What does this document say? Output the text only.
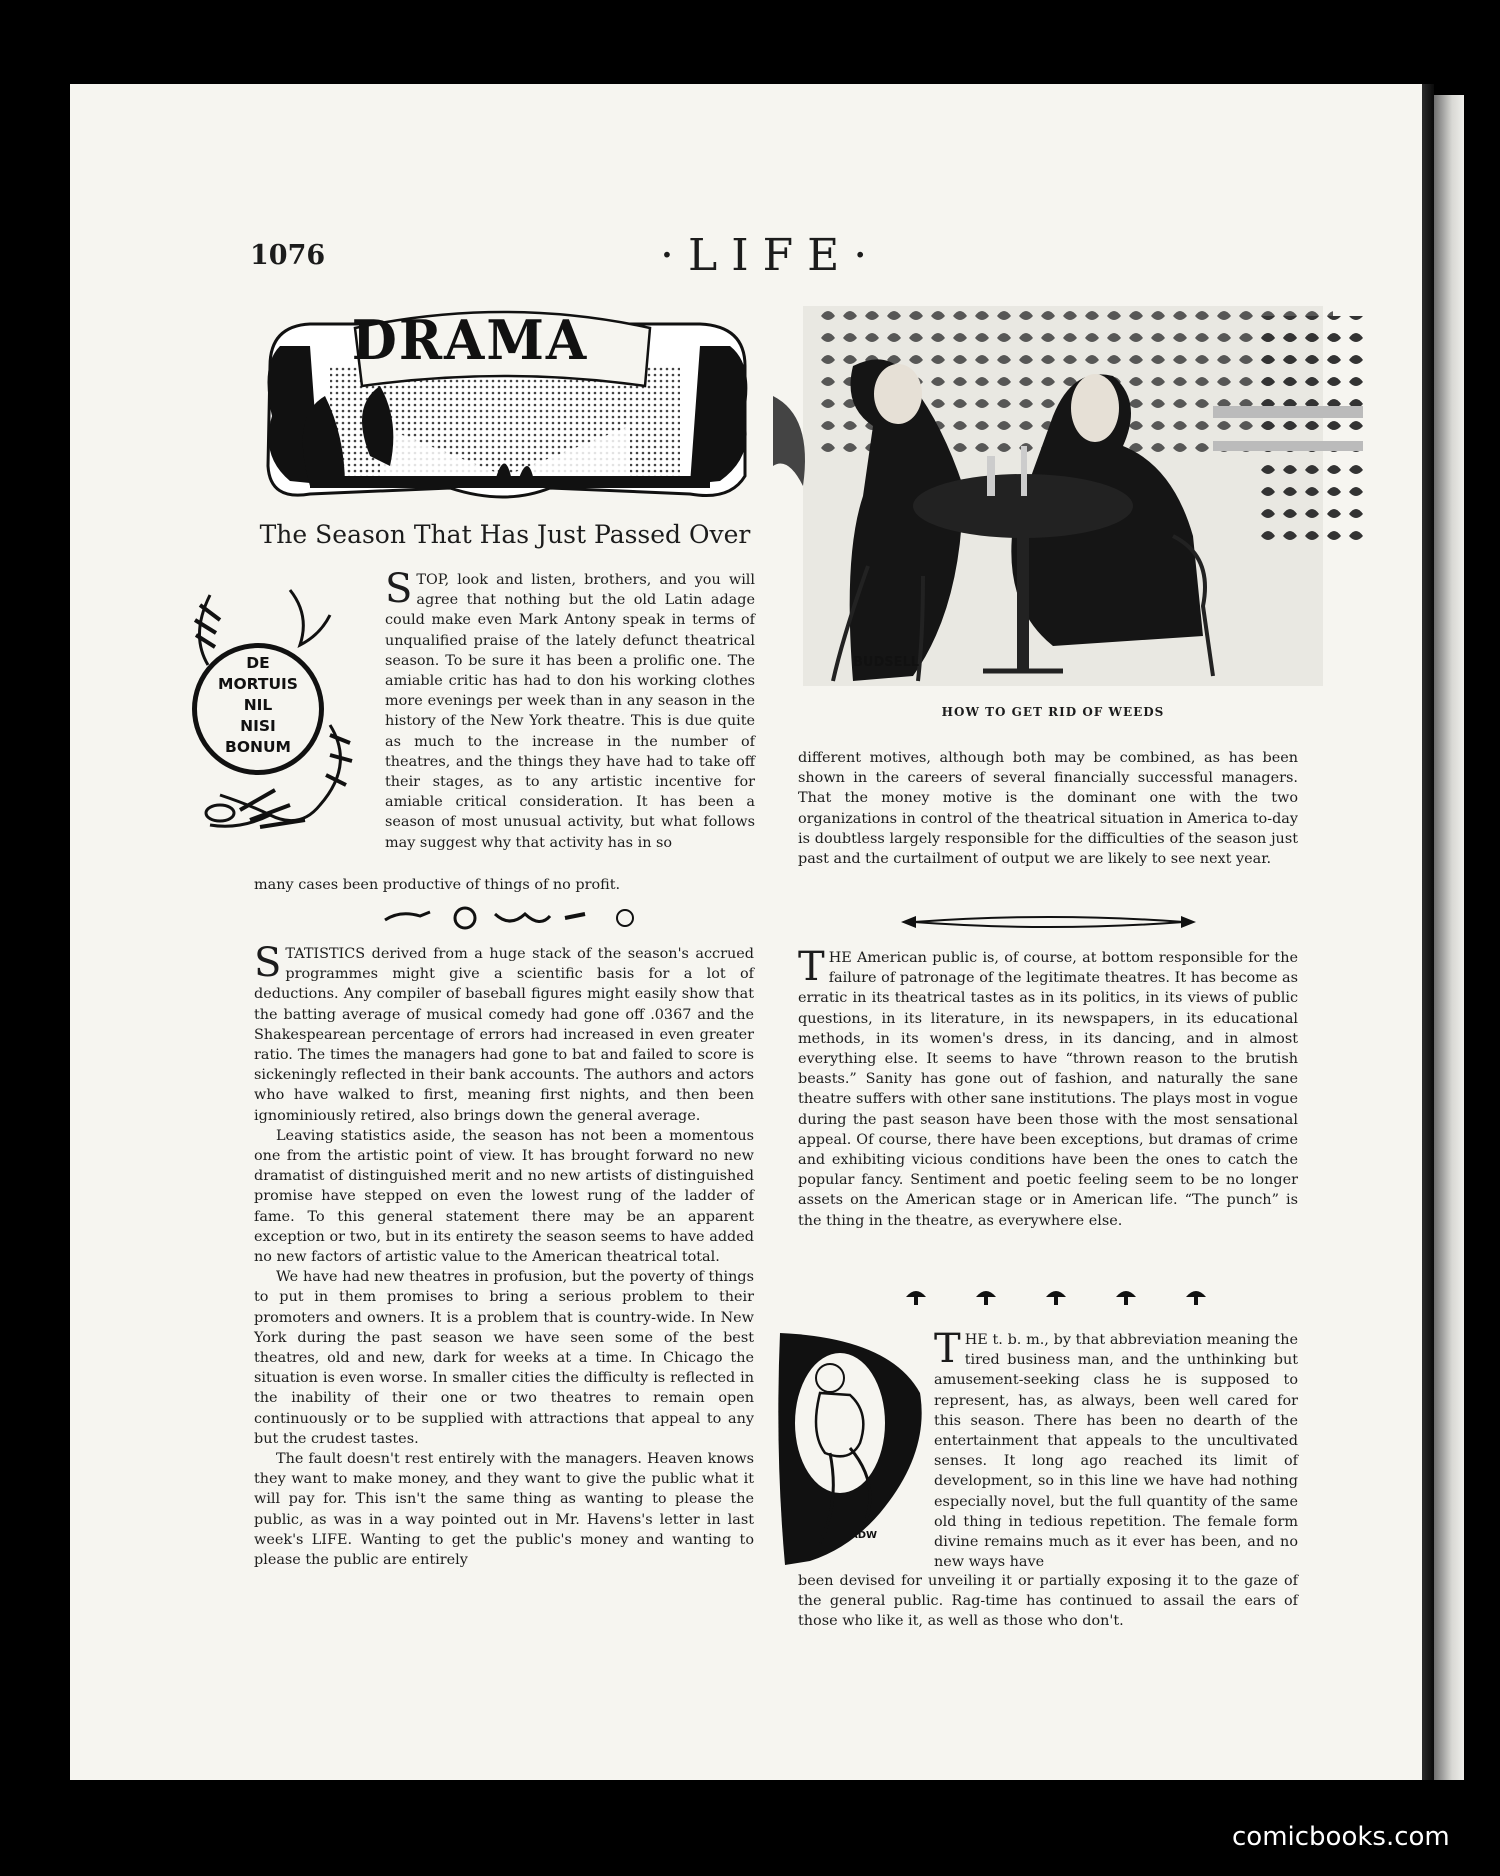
1076	·LIFE·
DRAMA
The Season That Has Just Passed Over
DE
MORTUIS
NIL
NISI
BONUM

STOP, look and listen, brothers, and you will agree that nothing but the old Latin adage could make even Mark Antony speak in terms of unqualified praise of the lately defunct theatrical season. To be sure it has been a prolific one. The amiable critic has had to don his working clothes more evenings per week than in any season in the history of the New York theatre. This is due quite as much to the increase in the number of theatres, and the things they have had to take off their stages, as to any artistic incentive for amiable critical consideration. It has been a season of most unusual activity, but what follows may suggest why that activity has in so

many cases been productive of things of no profit.

STATISTICS derived from a huge stack of the season's accrued programmes might give a scientific basis for a lot of deductions. Any compiler of baseball figures might easily show that the batting average of musical comedy had gone off .0367 and the Shakespearean percentage of errors had increased in even greater ratio. The times the managers had gone to bat and failed to score is sickeningly reflected in their bank accounts. The authors and actors who have walked to first, meaning first nights, and then been ignominiously retired, also brings down the general average.

Leaving statistics aside, the season has not been a momentous one from the artistic point of view. It has brought forward no new dramatist of distinguished merit and no new artists of distinguished promise have stepped on even the lowest rung of the ladder of fame. To this general statement there may be an apparent exception or two, but in its entirety the season seems to have added no new factors of artistic value to the American theatrical total.

We have had new theatres in profusion, but the poverty of things to put in them promises to bring a serious problem to their promoters and owners. It is a problem that is country-wide. In New York during the past season we have seen some of the best theatres, old and new, dark for weeks at a time. In Chicago the situation is even worse. In smaller cities the difficulty is reflected in the inability of their one or two theatres to remain open continuously or to be supplied with attractions that appeal to any but the crudest tastes.

The fault doesn't rest entirely with the managers. Heaven knows they want to make money, and they want to give the public what it will pay for. This isn't the same thing as wanting to please the public, as was in a way pointed out in Mr. Havens's letter in last week's LIFE. Wanting to get the public's money and wanting to please the public are entirely

BUDSELL
HOW TO GET RID OF WEEDS
different motives, although both may be combined, as has been shown in the careers of several financially successful managers. That the money motive is the dominant one with the two organizations in control of the theatrical situation in America to-day is doubtless largely responsible for the difficulties of the season just past and the curtailment of output we are likely to see next year.

THE American public is, of course, at bottom responsible for the failure of patronage of the legitimate theatres. It has become as erratic in its theatrical tastes as in its politics, in its views of public questions, in its literature, in its newspapers, in its educational methods, in its women's dress, in its dancing, and in almost everything else. It seems to have “thrown reason to the brutish beasts.” Sanity has gone out of fashion, and naturally the sane theatre suffers with other sane institutions. The plays most in vogue during the past season have been those with the most sensational appeal. Of course, there have been exceptions, but dramas of crime and exhibiting vicious conditions have been the ones to catch the popular fancy. Sentiment and poetic feeling seem to be no longer assets on the American stage or in American life. “The punch” is the thing in the theatre, as everywhere else.

ADW

THE t. b. m., by that abbreviation meaning the tired business man, and the unthinking but amusement-seeking class he is supposed to represent, has, as always, been well cared for this season. There has been no dearth of the entertainment that appeals to the uncultivated senses. It long ago reached its limit of development, so in this line we have had nothing especially novel, but the full quantity of the same old thing in tedious repetition. The female form divine remains much as it ever has been, and no new ways have

been devised for unveiling it or partially exposing it to the gaze of the general public. Rag-time has continued to assail the ears of those who like it, as well as those who don't.
comicbooks.com
